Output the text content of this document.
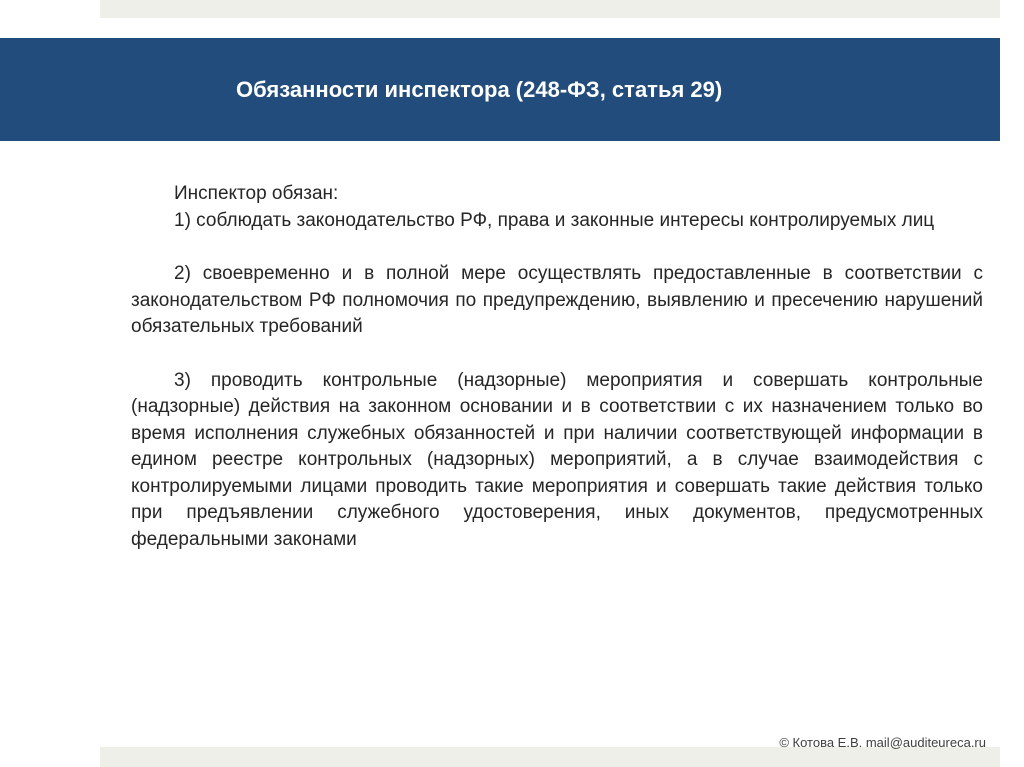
Обязанности инспектора (248-ФЗ, статья 29)

Инспектор обязан:

1) соблюдать законодательство РФ, права и законные интересы контролируемых лиц

2) своевременно и в полной мере осуществлять предоставленные в соответствии с законодательством РФ полномочия по предупреждению, выявлению и пресечению нарушений обязательных требований

3) проводить контрольные (надзорные) мероприятия и совершать контрольные (надзорные) действия на законном основании и в соответствии с их назначением только во время исполнения служебных обязанностей и при наличии соответствующей информации в едином реестре контрольных (надзорных) мероприятий, а в случае взаимодействия с контролируемыми лицами проводить такие мероприятия и совершать такие действия только при предъявлении служебного удостоверения, иных документов, предусмотренных федеральными законами

© Котова Е.В. mail@auditeureca.ru
